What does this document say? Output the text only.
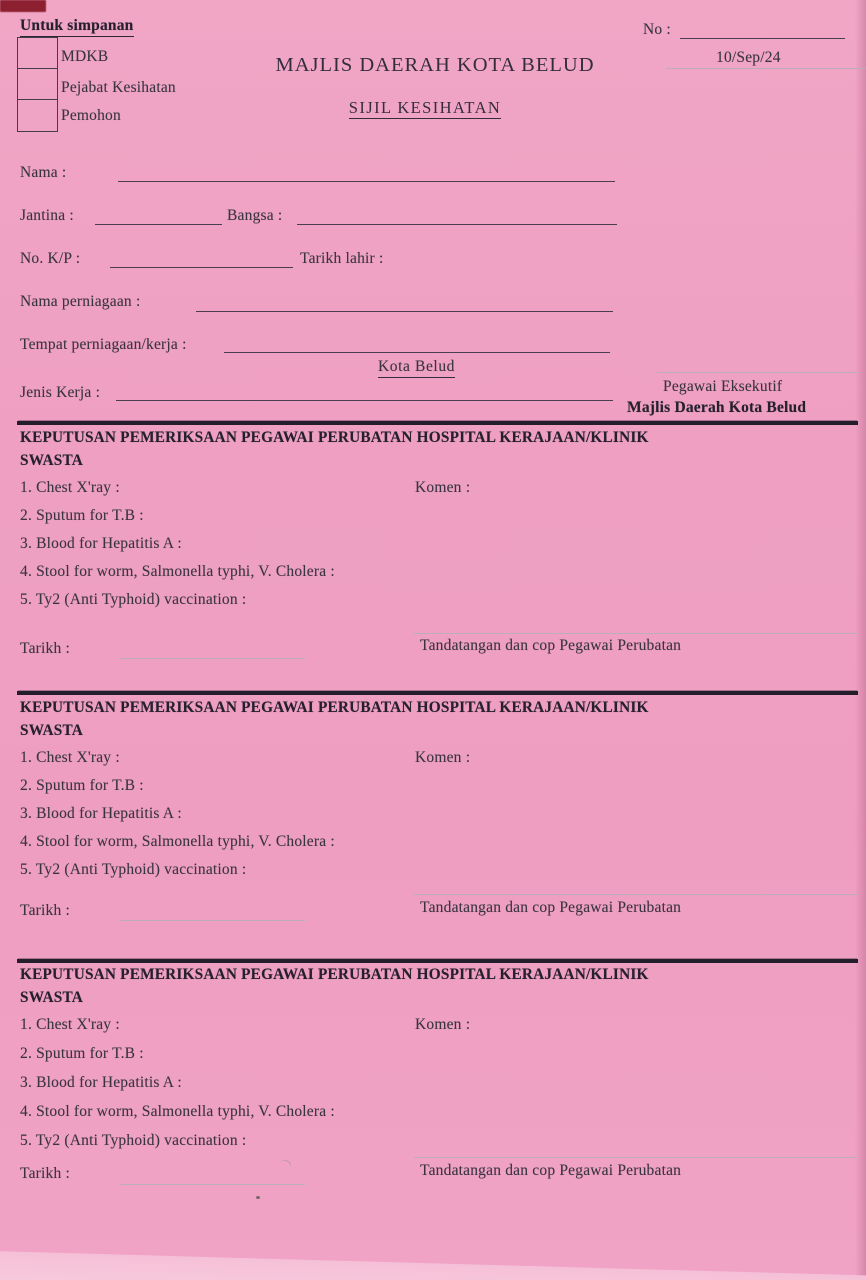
Untuk simpanan
MDKB
Pejabat Kesihatan
Pemohon
MAJLIS DAERAH KOTA BELUD
SIJIL KESIHATAN
No :
10/Sep/24
Nama :
Jantina :	Bangsa :
No. K/P :	Tarikh lahir :
Nama perniagaan :
Tempat perniagaan/kerja :
Kota Belud
Jenis Kerja :	Pegawai Eksekutif
Majlis Daerah Kota Belud
KEPUTUSAN PEMERIKSAAN PEGAWAI PERUBATAN HOSPITAL KERAJAAN/KLINIK
SWASTA
1. Chest X'ray :	Komen :
2. Sputum for T.B :
3. Blood for Hepatitis A :
4. Stool for worm, Salmonella typhi, V. Cholera :
5. Ty2 (Anti Typhoid) vaccination :
Tarikh :	Tandatangan dan cop Pegawai Perubatan
KEPUTUSAN PEMERIKSAAN PEGAWAI PERUBATAN HOSPITAL KERAJAAN/KLINIK
SWASTA
1. Chest X'ray :	Komen :
2. Sputum for T.B :
3. Blood for Hepatitis A :
4. Stool for worm, Salmonella typhi, V. Cholera :
5. Ty2 (Anti Typhoid) vaccination :
Tarikh :	Tandatangan dan cop Pegawai Perubatan
KEPUTUSAN PEMERIKSAAN PEGAWAI PERUBATAN HOSPITAL KERAJAAN/KLINIK
SWASTA
1. Chest X'ray :	Komen :
2. Sputum for T.B :
3. Blood for Hepatitis A :
4. Stool for worm, Salmonella typhi, V. Cholera :
5. Ty2 (Anti Typhoid) vaccination :
Tarikh :	Tandatangan dan cop Pegawai Perubatan
